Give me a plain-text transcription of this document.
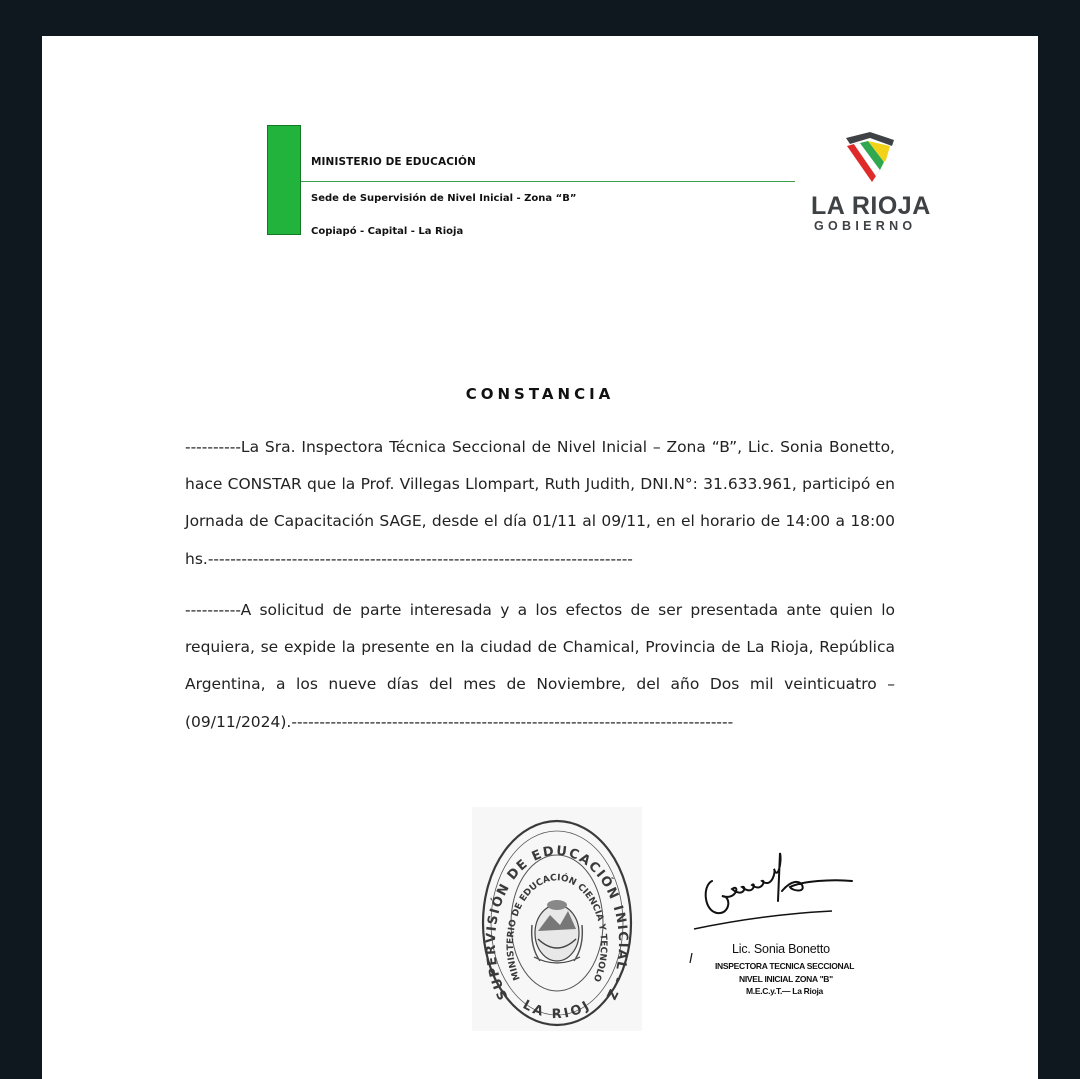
MINISTERIO DE EDUCACIÓN
Sede de Supervisión de Nivel Inicial - Zona “B”
Copiapó - Capital - La Rioja
LA RIOJA
GOBIERNO
CONSTANCIA
----------La Sra. Inspectora Técnica Seccional de Nivel Inicial – Zona “B”, Lic. Sonia Bonetto, hace CONSTAR que la Prof. Villegas Llompart, Ruth Judith, DNI.N°: 31.633.961, participó en Jornada de Capacitación SAGE, desde el día 01/11 al 09/11, en el horario de 14:00 a 18:00 hs.----------------------------------------------------------------------------
----------A solicitud de parte interesada y a los efectos de ser presentada ante quien lo requiera, se expide la presente en la ciudad de Chamical, Provincia de La Rioja, República Argentina, a los nueve días del mes de Noviembre, del año Dos mil veinticuatro – (09/11/2024).-------------------------------------------------------------------------------
SUPERVISIÓN DE EDUCACIÓN INICIAL - Z
MINISTERIO DE EDUCACIÓN CIENCIA Y TECNOLO
LA RIOJ
Lic. Sonia Bonetto
INSPECTORA TECNICA SECCIONAL
NIVEL INICIAL ZONA "B"
M.E.C.y.T.— La Rioja
